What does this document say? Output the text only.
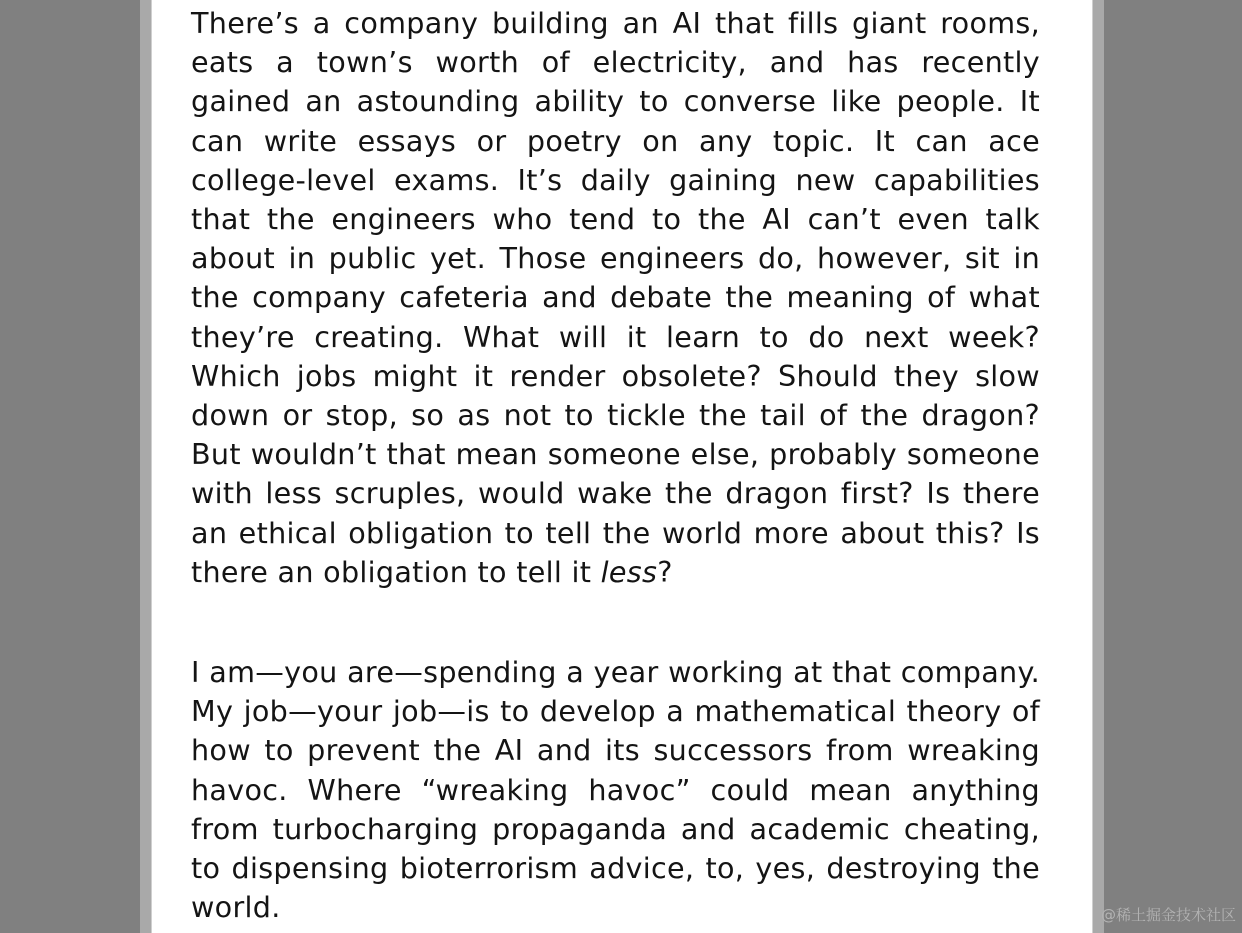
There’s a company building an AI that fills giant rooms, eats a town’s worth of electricity, and has recently gained an astounding ability to converse like people. It can write essays or poetry on any topic. It can ace college-level exams. It’s daily gaining new capabilities that the engineers who tend to the AI can’t even talk about in public yet. Those engineers do, however, sit in the company cafeteria and debate the meaning of what they’re creating. What will it learn to do next week? Which jobs might it render obsolete? Should they slow down or stop, so as not to tickle the tail of the dragon? But wouldn’t that mean someone else, probably someone with less scruples, would wake the dragon first? Is there an ethical obligation to tell the world more about this? Is there an obligation to tell it less?

I am—you are—spending a year working at that company. My job—your job—is to develop a mathematical theory of how to prevent the AI and its successors from wreaking havoc. Where “wreaking havoc” could mean anything from turbocharging propaganda and academic cheating, to dispensing bioterrorism advice, to, yes, destroying the world.	@稀土掘金技术社区
